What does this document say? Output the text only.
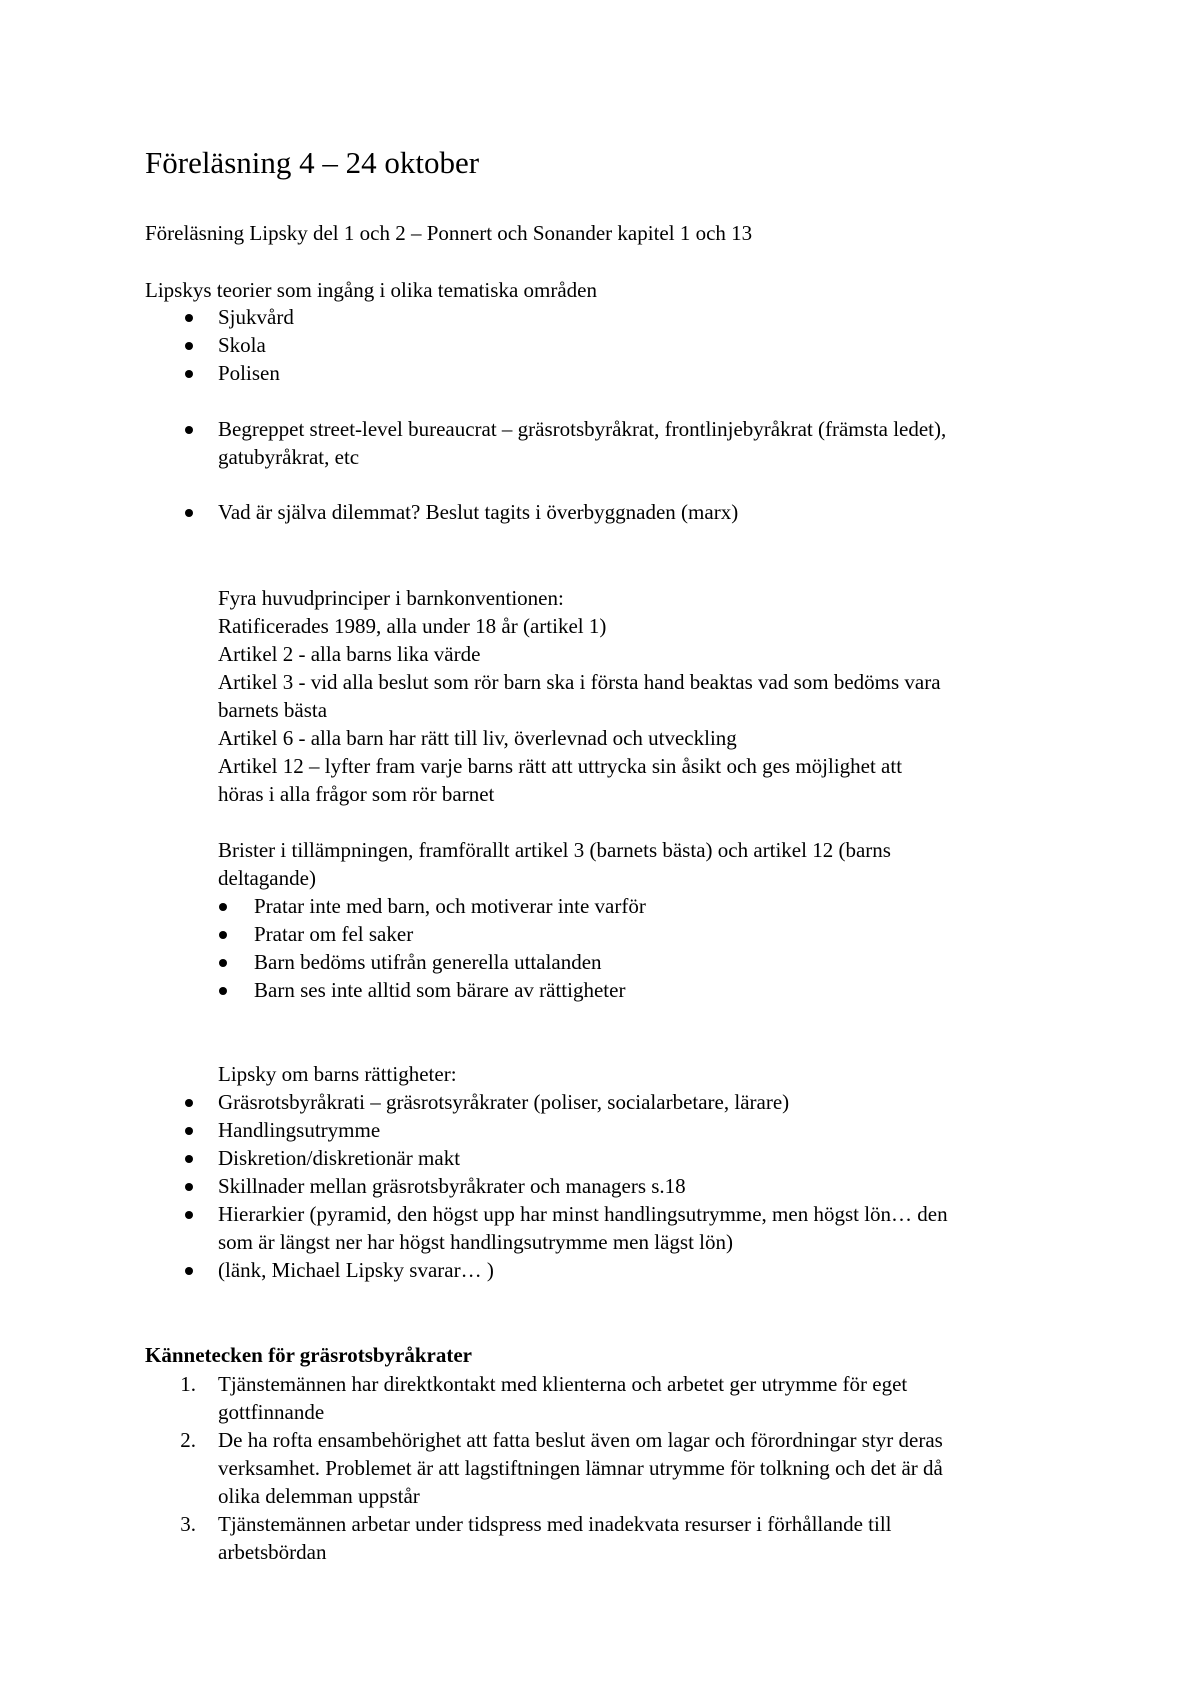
Föreläsning 4 – 24 oktober
Föreläsning Lipsky del 1 och 2 – Ponnert och Sonander kapitel 1 och 13
Lipskys teorier som ingång i olika tematiska områden
Sjukvård
Skola
Polisen
Begreppet street-level bureaucrat – gräsrotsbyråkrat, frontlinjebyråkrat (främsta ledet),
gatubyråkrat, etc
Vad är själva dilemmat? Beslut tagits i överbyggnaden (marx)
Fyra huvudprinciper i barnkonventionen:
Ratificerades 1989, alla under 18 år (artikel 1)
Artikel 2 - alla barns lika värde
Artikel 3 - vid alla beslut som rör barn ska i första hand beaktas vad som bedöms vara
barnets bästa
Artikel 6 - alla barn har rätt till liv, överlevnad och utveckling
Artikel 12 – lyfter fram varje barns rätt att uttrycka sin åsikt och ges möjlighet att
höras i alla frågor som rör barnet
Brister i tillämpningen, framförallt artikel 3 (barnets bästa) och artikel 12 (barns
deltagande)
Pratar inte med barn, och motiverar inte varför
Pratar om fel saker
Barn bedöms utifrån generella uttalanden
Barn ses inte alltid som bärare av rättigheter
Lipsky om barns rättigheter:
Gräsrotsbyråkrati – gräsrotsyråkrater (poliser, socialarbetare, lärare)
Handlingsutrymme
Diskretion/diskretionär makt
Skillnader mellan gräsrotsbyråkrater och managers s.18
Hierarkier (pyramid, den högst upp har minst handlingsutrymme, men högst lön… den
som är längst ner har högst handlingsutrymme men lägst lön)
(länk, Michael Lipsky svarar… )
Kännetecken för gräsrotsbyråkrater
1. Tjänstemännen har direktkontakt med klienterna och arbetet ger utrymme för eget
gottfinnande
2. De ha rofta ensambehörighet att fatta beslut även om lagar och förordningar styr deras
verksamhet. Problemet är att lagstiftningen lämnar utrymme för tolkning och det är då
olika delemman uppstår
3. Tjänstemännen arbetar under tidspress med inadekvata resurser i förhållande till
arbetsbördan
